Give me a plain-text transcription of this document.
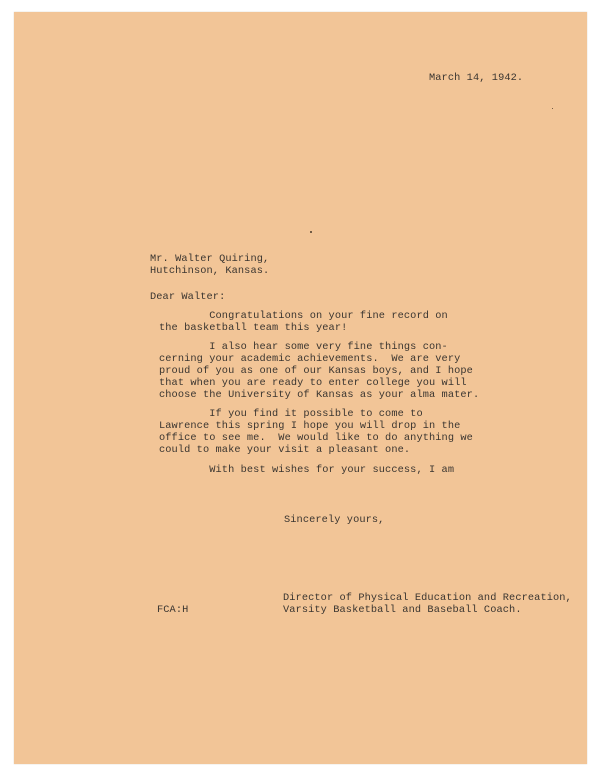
March 14, 1942.

Mr. Walter Quiring,

Hutchinson, Kansas.

Dear Walter:

Congratulations on your fine record on

the basketball team this year!

I also hear some very fine things con-

cerning your academic achievements.  We are very

proud of you as one of our Kansas boys, and I hope

that when you are ready to enter college you will

choose the University of Kansas as your alma mater.

If you find it possible to come to

Lawrence this spring I hope you will drop in the

office to see me.  We would like to do anything we

could to make your visit a pleasant one.

With best wishes for your success, I am

Sincerely yours,

FCA:H

Director of Physical Education and Recreation,

Varsity Basketball and Baseball Coach.
